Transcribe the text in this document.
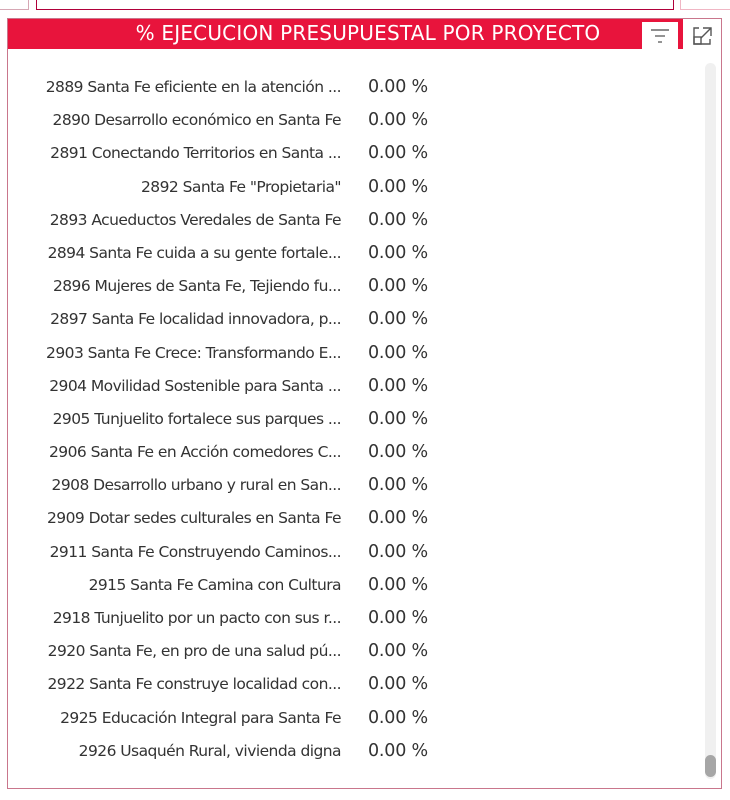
% EJECUCION PRESUPUESTAL POR PROYECTO
2889 Santa Fe eficiente en la atención ... 0.00 %
2890 Desarrollo económico en Santa Fe 0.00 %
2891 Conectando Territorios en Santa ... 0.00 %
2892 Santa Fe "Propietaria" 0.00 %
2893 Acueductos Veredales de Santa Fe 0.00 %
2894 Santa Fe cuida a su gente fortale... 0.00 %
2896 Mujeres de Santa Fe, Tejiendo fu... 0.00 %
2897 Santa Fe localidad innovadora, p... 0.00 %
2903 Santa Fe Crece: Transformando E... 0.00 %
2904 Movilidad Sostenible para Santa ... 0.00 %
2905 Tunjuelito fortalece sus parques ... 0.00 %
2906 Santa Fe en Acción comedores C... 0.00 %
2908 Desarrollo urbano y rural en San... 0.00 %
2909 Dotar sedes culturales en Santa Fe 0.00 %
2911 Santa Fe Construyendo Caminos... 0.00 %
2915 Santa Fe Camina con Cultura 0.00 %
2918 Tunjuelito por un pacto con sus r... 0.00 %
2920 Santa Fe, en pro de una salud pú... 0.00 %
2922 Santa Fe construye localidad con... 0.00 %
2925 Educación Integral para Santa Fe 0.00 %
2926 Usaquén Rural, vivienda digna 0.00 %
